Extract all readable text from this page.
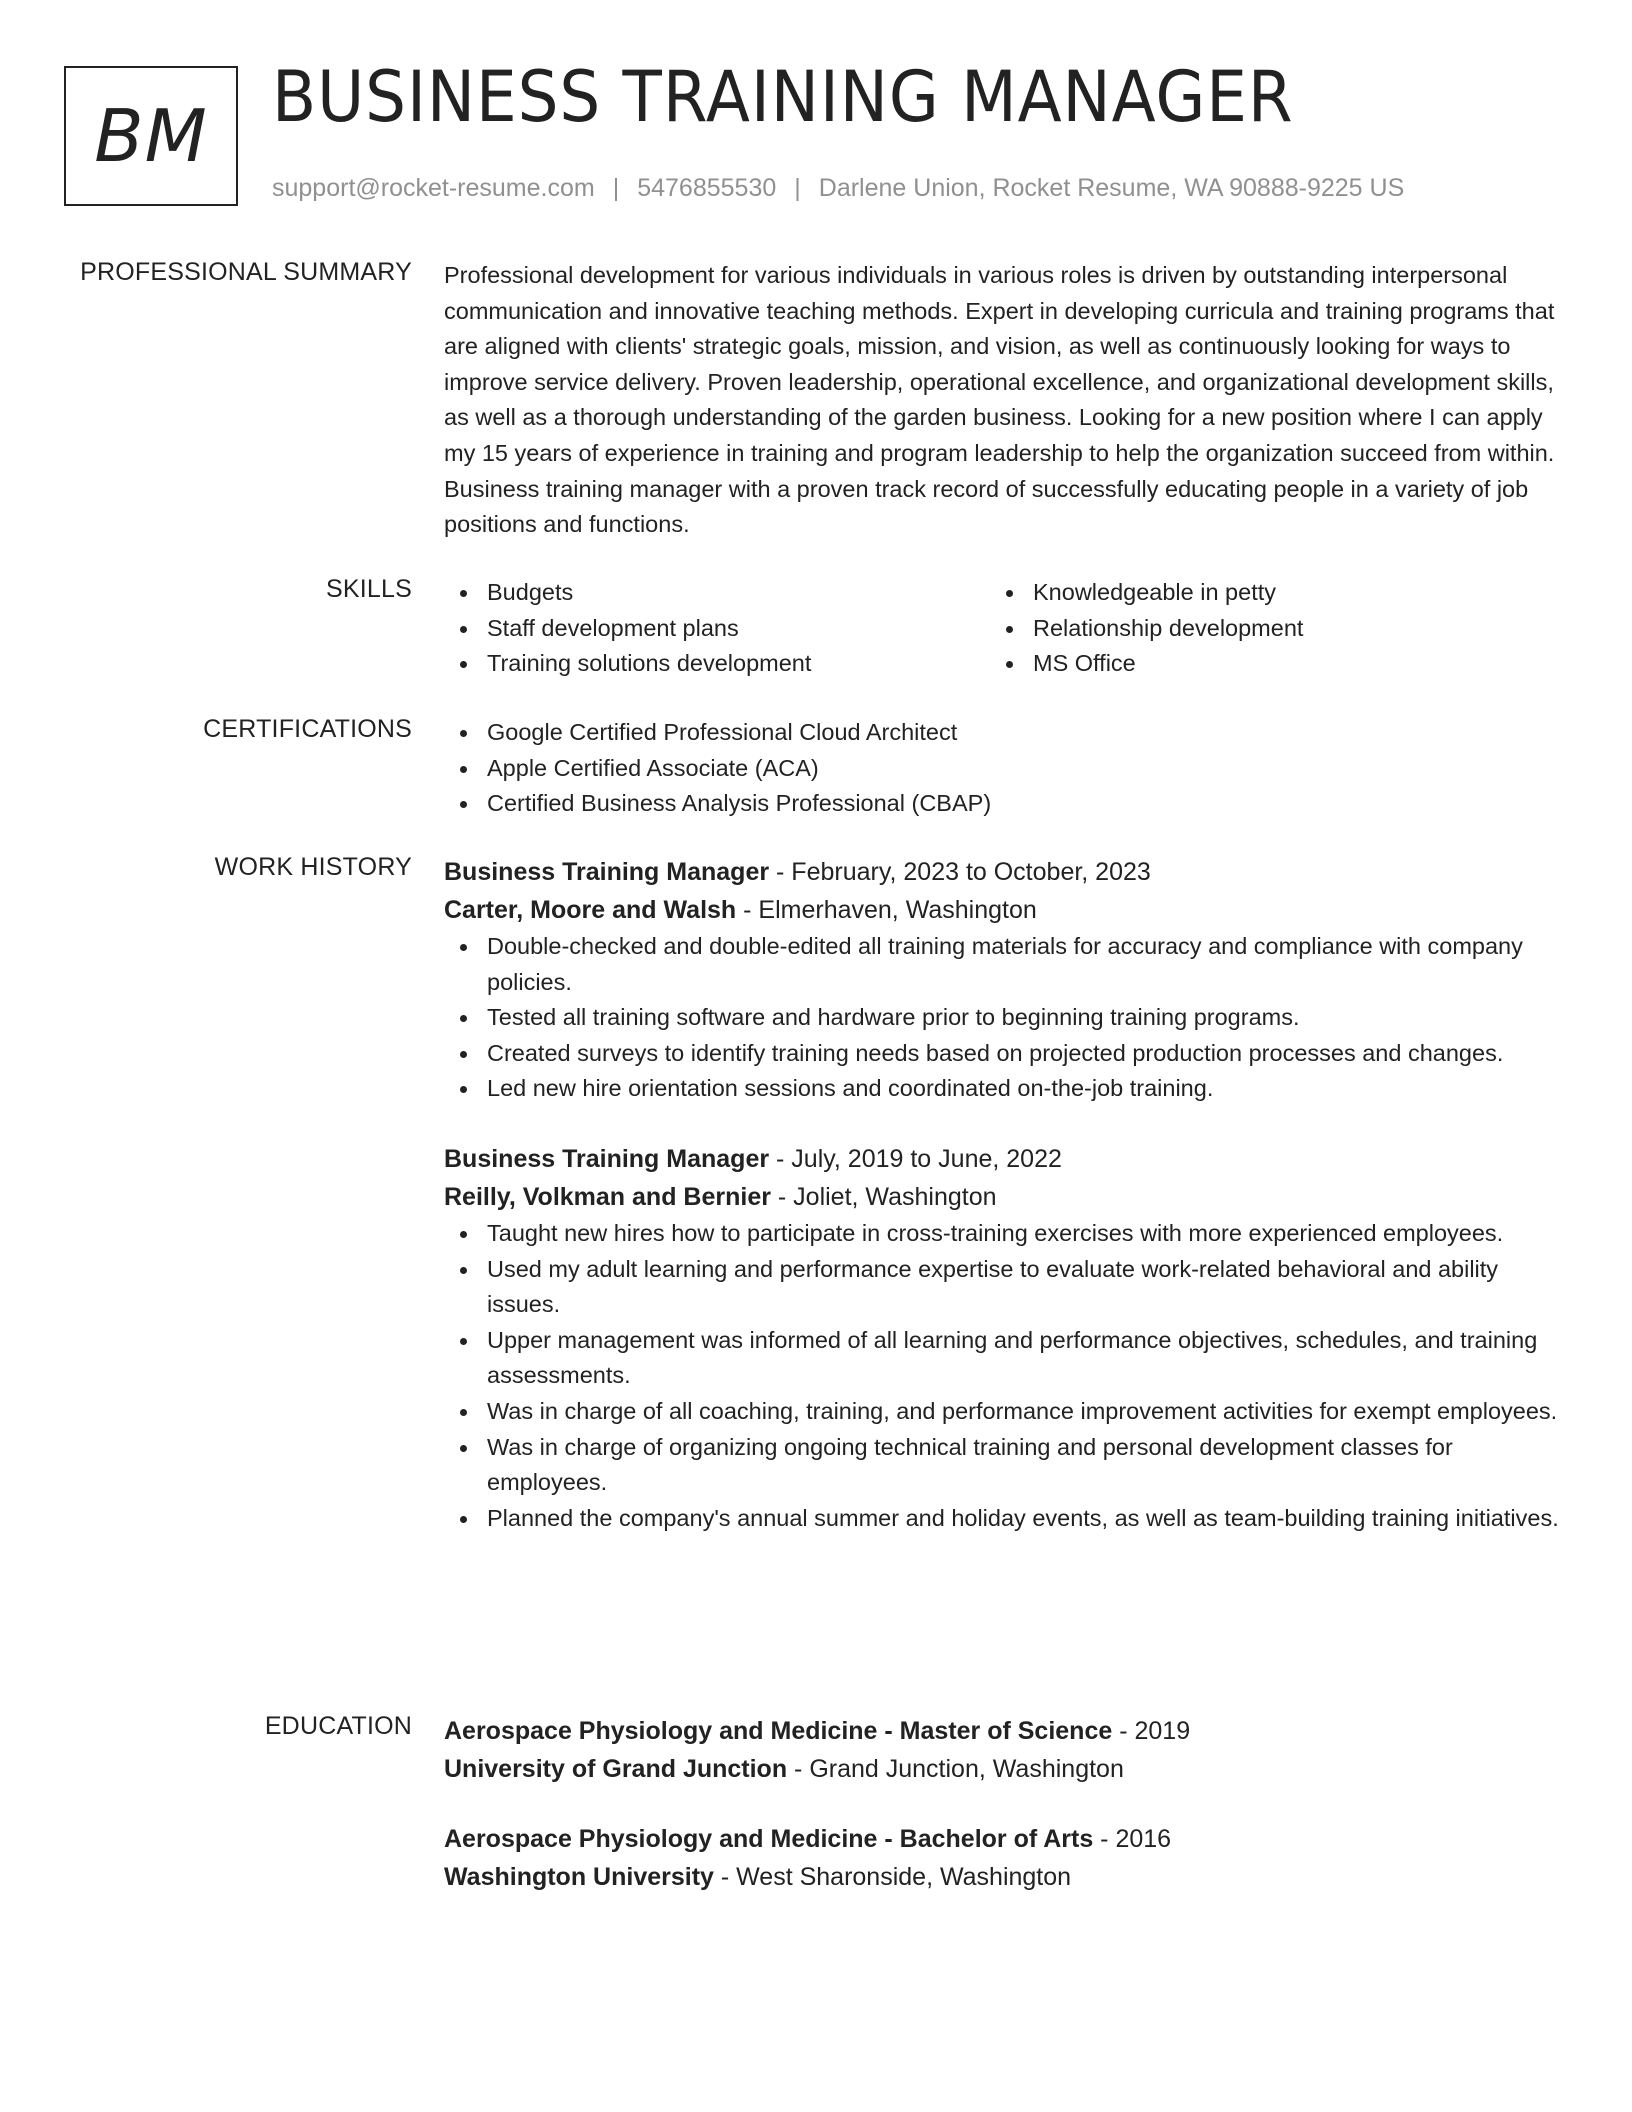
BM BUSINESS TRAINING MANAGER
support@rocket-resume.com | 5476855530 | Darlene Union, Rocket Resume, WA 90888-9225 US
PROFESSIONAL SUMMARY Professional development for various individuals in various roles is driven by outstanding interpersonal communication and innovative teaching methods. Expert in developing curricula and training programs that are aligned with clients' strategic goals, mission, and vision, as well as continuously looking for ways to improve service delivery. Proven leadership, operational excellence, and organizational development skills, as well as a thorough understanding of the garden business. Looking for a new position where I can apply my 15 years of experience in training and program leadership to help the organization succeed from within. Business training manager with a proven track record of successfully educating people in a variety of job positions and functions.

SKILLS	Budgets
Staff development plans
Training solutions development
Knowledgeable in petty
Relationship development
MS Office
CERTIFICATIONS	Google Certified Professional Cloud Architect
Apple Certified Associate (ACA)
Certified Business Analysis Professional (CBAP)
WORK HISTORY Business Training Manager - February, 2023 to October, 2023
Carter, Moore and Walsh - Elmerhaven, Washington
Double-checked and double-edited all training materials for accuracy and compliance with company policies.
Tested all training software and hardware prior to beginning training programs.
Created surveys to identify training needs based on projected production processes and changes.
Led new hire orientation sessions and coordinated on-the-job training.
Business Training Manager - July, 2019 to June, 2022
Reilly, Volkman and Bernier - Joliet, Washington
Taught new hires how to participate in cross-training exercises with more experienced employees.
Used my adult learning and performance expertise to evaluate work-related behavioral and ability issues.
Upper management was informed of all learning and performance objectives, schedules, and training assessments.
Was in charge of all coaching, training, and performance improvement activities for exempt employees.
Was in charge of organizing ongoing technical training and personal development classes for employees.
Planned the company's annual summer and holiday events, as well as team-building training initiatives.
EDUCATION Aerospace Physiology and Medicine - Master of Science - 2019
University of Grand Junction - Grand Junction, Washington
Aerospace Physiology and Medicine - Bachelor of Arts - 2016
Washington University - West Sharonside, Washington
